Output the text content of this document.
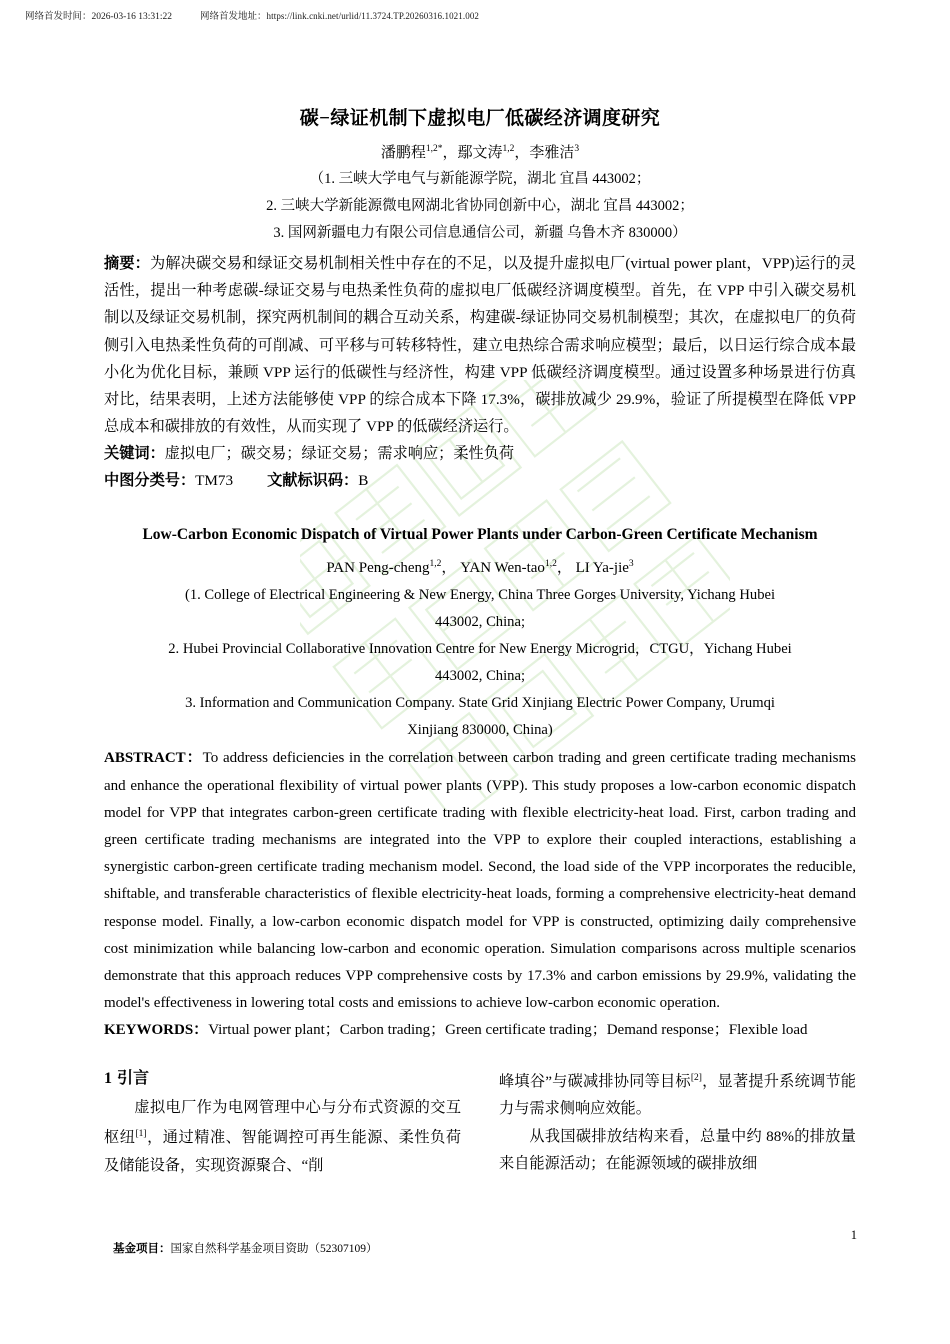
网络首发时间：2026-03-16 13:31:22	网络首发地址：https://link.cnki.net/urlid/11.3724.TP.20260316.1021.002
碳−绿证机制下虚拟电厂低碳经济调度研究
潘鹏程$^{1,2*}$，鄢文涛$^{1,2}$，李雅洁$^3$
（1. 三峡大学电气与新能源学院，湖北 宜昌 443002；
2. 三峡大学新能源微电网湖北省协同创新中心，湖北 宜昌 443002；
3. 国网新疆电力有限公司信息通信公司，新疆 乌鲁木齐 830000）
摘要：为解决碳交易和绿证交易机制相关性中存在的不足，以及提升虚拟电厂(virtual power plant，VPP)运行的灵活性，提出一种考虑碳-绿证交易与电热柔性负荷的虚拟电厂低碳经济调度模型。首先，在 VPP 中引入碳交易机制以及绿证交易机制，探究两机制间的耦合互动关系，构建碳-绿证协同交易机制模型；其次，在虚拟电厂的负荷侧引入电热柔性负荷的可削减、可平移与可转移特性，建立电热综合需求响应模型；最后，以日运行综合成本最小化为优化目标，兼顾 VPP 运行的低碳性与经济性，构建 VPP 低碳经济调度模型。通过设置多种场景进行仿真对比，结果表明，上述方法能够使 VPP 的综合成本下降 17.3%，碳排放减少 29.9%，验证了所提模型在降低 VPP 总成本和碳排放的有效性，从而实现了 VPP 的低碳经济运行。
关键词：虚拟电厂；碳交易；绿证交易；需求响应；柔性负荷
中图分类号：TM73 文献标识码：B
Low-Carbon Economic Dispatch of Virtual Power Plants under Carbon-Green Certificate Mechanism
PAN Peng-cheng$^{1,2}$， YAN Wen-tao$^{1,2}$， LI Ya-jie$^3$
(1. College of Electrical Engineering & New Energy, China Three Gorges University, Yichang Hubei
443002, China;
2. Hubei Provincial Collaborative Innovation Centre for New Energy Microgrid，CTGU，Yichang Hubei
443002, China;
3. Information and Communication Company. State Grid Xinjiang Electric Power Company, Urumqi
Xinjiang 830000, China)
ABSTRACT：To address deficiencies in the correlation between carbon trading and green certificate trading mechanisms and enhance the operational flexibility of virtual power plants (VPP). This study proposes a low-carbon economic dispatch model for VPP that integrates carbon-green certificate trading with flexible electricity-heat load. First, carbon trading and green certificate trading mechanisms are integrated into the VPP to explore their coupled interactions, establishing a synergistic carbon-green certificate trading mechanism model. Second, the load side of the VPP incorporates the reducible, shiftable, and transferable characteristics of flexible electricity-heat loads, forming a comprehensive electricity-heat demand response model. Finally, a low-carbon economic dispatch model for VPP is constructed, optimizing daily comprehensive cost minimization while balancing low-carbon and economic operation. Simulation comparisons across multiple scenarios demonstrate that this approach reduces VPP comprehensive costs by 17.3% and carbon emissions by 29.9%, validating the model's effectiveness in lowering total costs and emissions to achieve low-carbon economic operation.
KEYWORDS：Virtual power plant；Carbon trading；Green certificate trading；Demand response；Flexible load
1 引言
虚拟电厂作为电网管理中心与分布式资源的交互枢纽[1]，通过精准、智能调控可再生能源、柔性负荷及储能设备，实现资源聚合、“削
峰填谷”与碳减排协同等目标[2]，显著提升系统调节能力与需求侧响应效能。
从我国碳排放结构来看，总量中约 88%的排放量来自能源活动；在能源领域的碳排放细
基金项目：国家自然科学基金项目资助（52307109）
1
